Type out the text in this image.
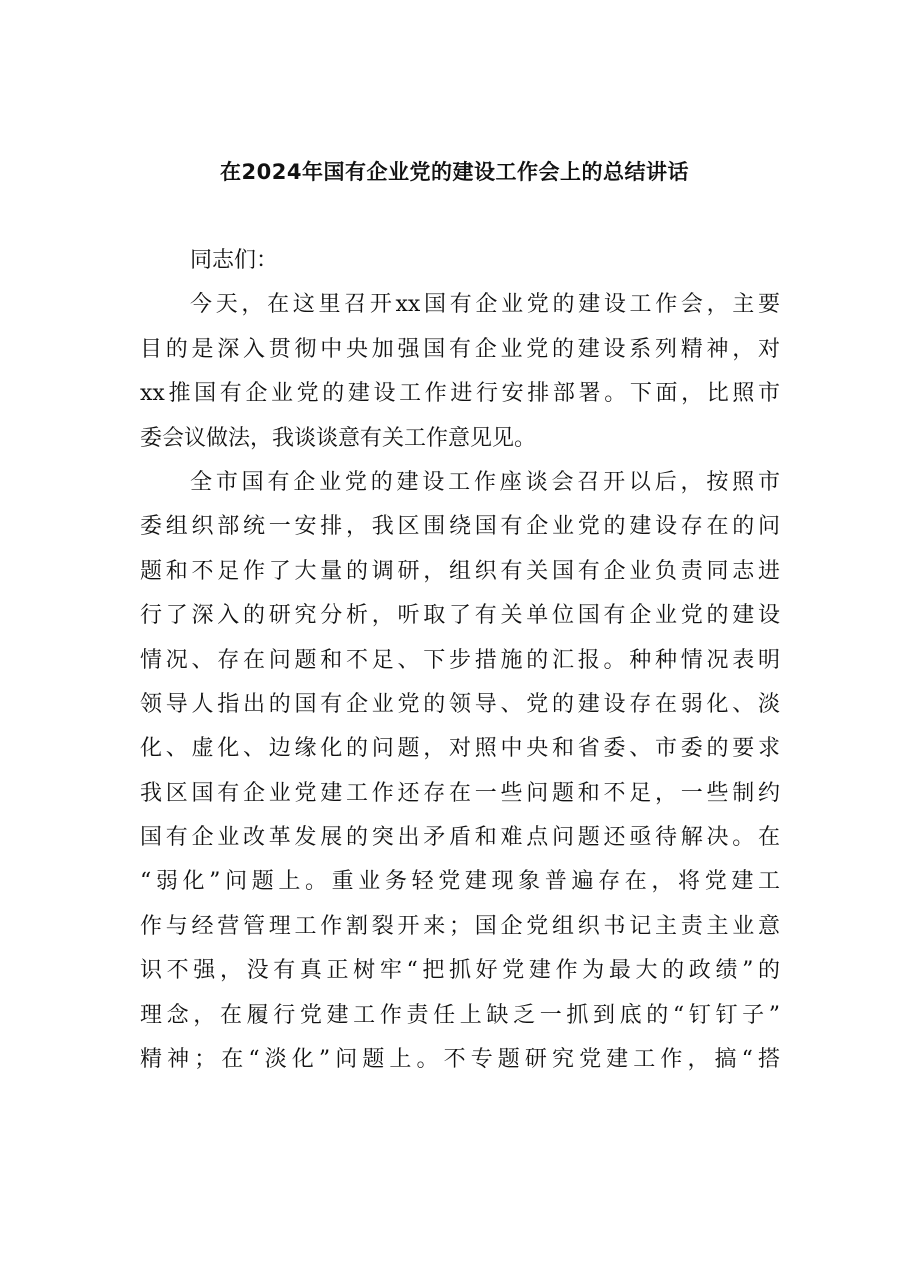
在2024年国有企业党的建设工作会上的总结讲话
同志们：
今天，在这里召开xx国有企业党的建设工作会，主要
目的是深入贯彻中央加强国有企业党的建设系列精神，对
xx推国有企业党的建设工作进行安排部署。下面，比照市
委会议做法，我谈谈意有关工作意见见。
全市国有企业党的建设工作座谈会召开以后，按照市
委组织部统一安排，我区围绕国有企业党的建设存在的问
题和不足作了大量的调研，组织有关国有企业负责同志进
行了深入的研究分析，听取了有关单位国有企业党的建设
情况、存在问题和不足、下步措施的汇报。种种情况表明
领导人指出的国有企业党的领导、党的建设存在弱化、淡
化、虚化、边缘化的问题，对照中央和省委、市委的要求
我区国有企业党建工作还存在一些问题和不足，一些制约
国有企业改革发展的突出矛盾和难点问题还亟待解决。在
“弱化”问题上。重业务轻党建现象普遍存在，将党建工
作与经营管理工作割裂开来；国企党组织书记主责主业意
识不强，没有真正树牢“把抓好党建作为最大的政绩”的
理念，在履行党建工作责任上缺乏一抓到底的“钉钉子”
精神；在“淡化”问题上。不专题研究党建工作，搞“搭
